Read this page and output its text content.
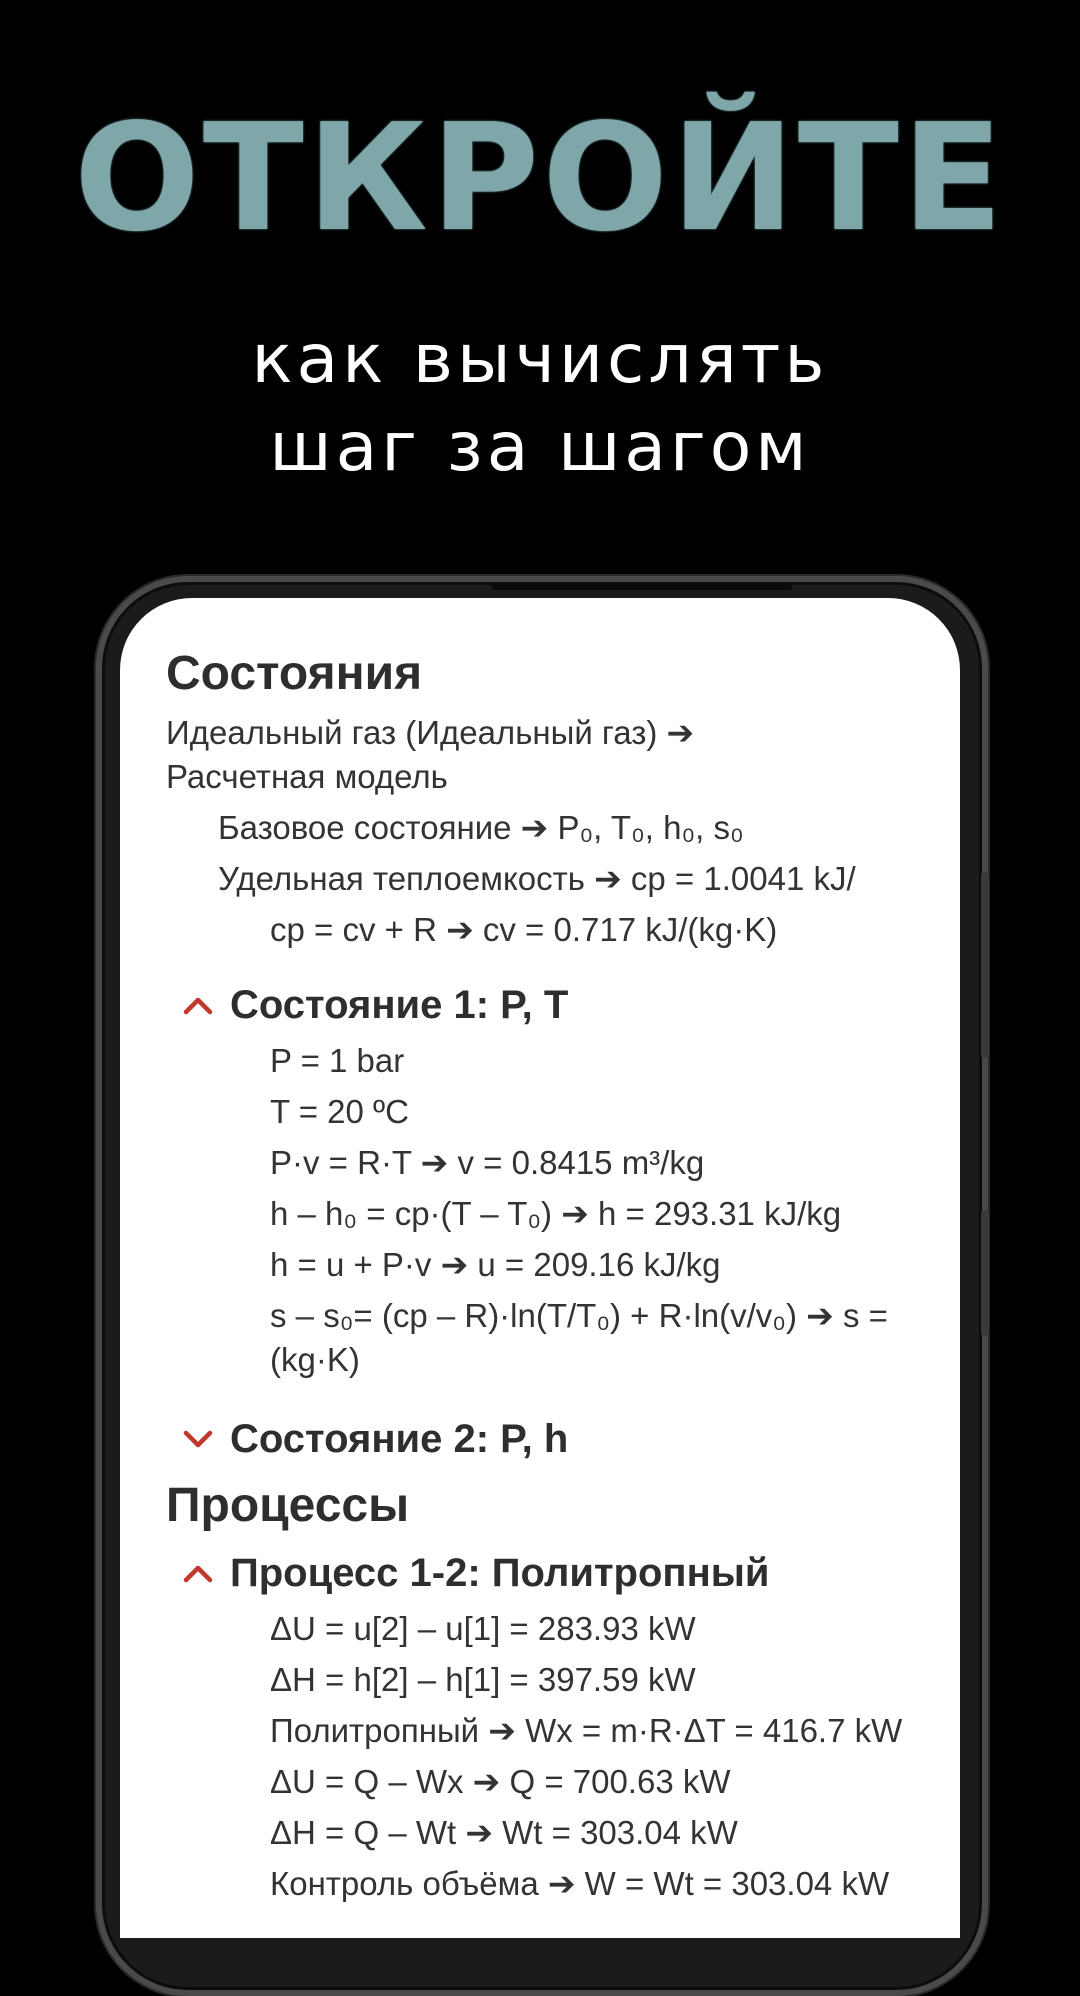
ОТКРОЙТЕ
как вычислять
шаг за шагом
Состояния
Идеальный газ (Идеальный газ) ➔ Расчетная модель
Базовое состояние ➔ P₀, T₀, h₀, s₀
Удельная теплоемкость ➔ cp = 1.0041 kJ/
cp = cv + R ➔ cv = 0.717 kJ/(kg·K)
Состояние 1: P, T
P = 1 bar
T = 20 ºC
P·v = R·T ➔ v = 0.8415 m³/kg
h – h₀ = cp·(T – T₀) ➔ h = 293.31 kJ/kg
h = u + P·v ➔ u = 209.16 kJ/kg
s – s₀= (cp – R)·ln(T/T₀) + R·ln(v/v₀) ➔ s = (kg·K)
Состояние 2: P, h
Процессы
Процесс 1-2: Политропный
ΔU = u[2] – u[1] = 283.93 kW
ΔH = h[2] – h[1] = 397.59 kW
Политропный ➔ Wx = m·R·ΔT = 416.7 kW
ΔU = Q – Wx ➔ Q = 700.63 kW
ΔH = Q – Wt ➔ Wt = 303.04 kW
Контроль объёма ➔ W = Wt = 303.04 kW
